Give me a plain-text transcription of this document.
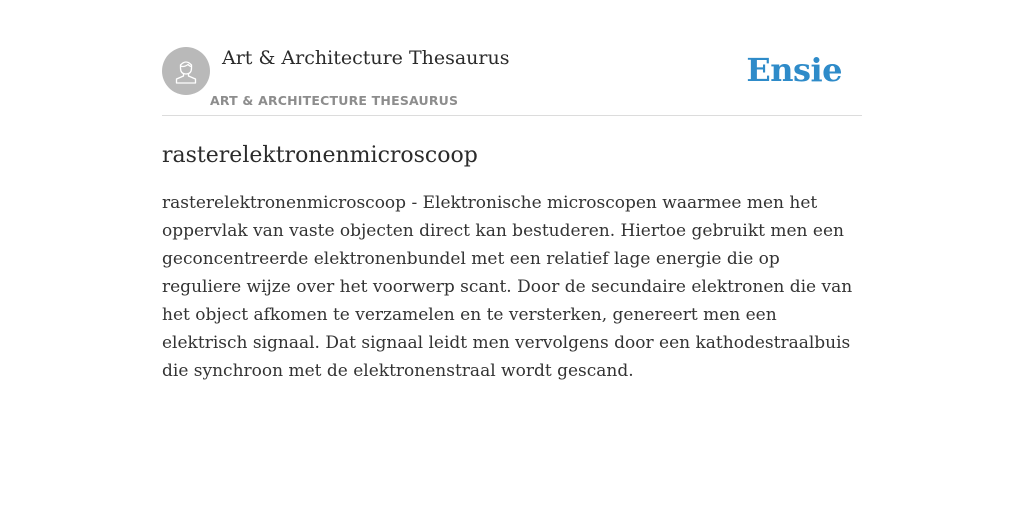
Art & Architecture Thesaurus
ART & ARCHITECTURE THESAURUS
Ensie
rasterelektronenmicroscoop

rasterelektronenmicroscoop - Elektronische microscopen waarmee men het oppervlak van vaste objecten direct kan bestuderen. Hiertoe gebruikt men een geconcentreerde elektronenbundel met een relatief lage energie die op reguliere wijze over het voorwerp scant. Door de secundaire elektronen die van het object afkomen te verzamelen en te versterken, genereert men een elektrisch signaal. Dat signaal leidt men vervolgens door een kathodestraalbuis die synchroon met de elektronenstraal wordt gescand.
